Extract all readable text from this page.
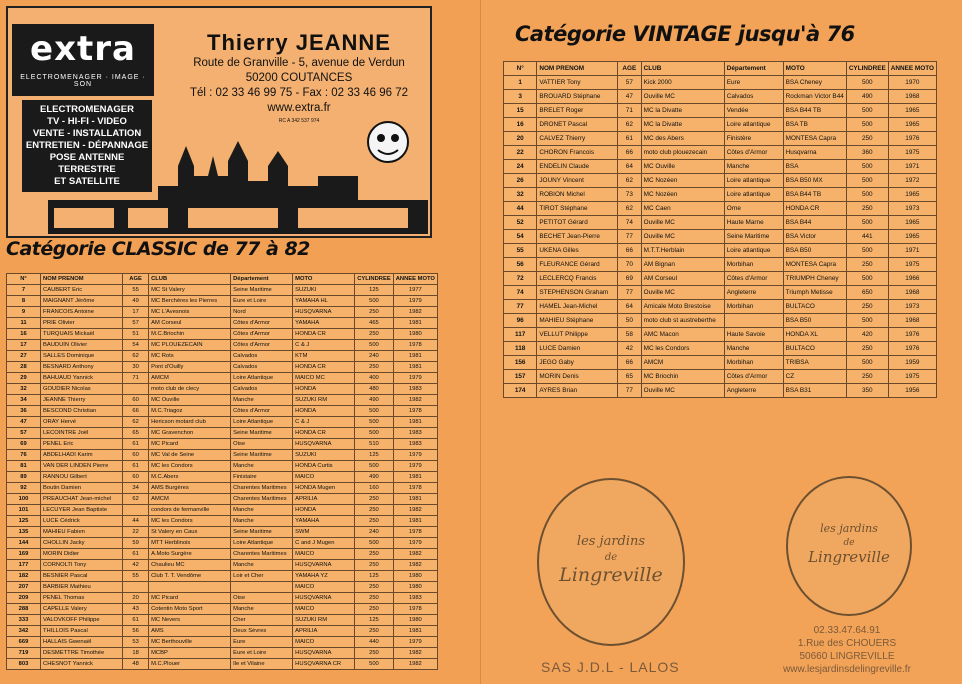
extra
ELECTROMENAGER · IMAGE · SON
ELECTROMENAGER
TV - HI-FI - VIDEO
VENTE - INSTALLATION
ENTRETIEN - DÉPANNAGE
POSE ANTENNE TERRESTRE
ET SATELLITE
Thierry JEANNE
Route de Granville - 5, avenue de Verdun
50200 COUTANCES
Tél : 02 33 46 99 75 - Fax : 02 33 46 96 72
www.extra.fr
RC A 342 537 974
Catégorie CLASSIC de 77 à 82
N°	NOM PRENOM	AGE	CLUB	Département	MOTO	CYLINDREE	ANNEE MOTO
7	CAUBERT Eric	55	MC St Valery	Seine Maritime	SUZUKI	125	1977
8	MAIGNANT Jérôme	49	MC Berchères les Pierres	Eure et Loire	YAMAHA HL	500	1979
9	FRANCOIS Antoine	17	MC L'Avesnois	Nord	HUSQVARNA	250	1982
11	PRIE Olivier	57	AM Corseul	Côtes d'Armor	YAMAHA	465	1981
16	TURQUAIS Mickaël	51	M.C.Briochin	Côtes d'Armor	HONDA CR	250	1980
17	BAUDUIN Olivier	54	MC PLOUEZECAIN	Côtes d'Armor	C & J	500	1978
27	SALLES Dominique	62	MC Rots	Calvados	KTM	240	1981
28	BESNARD Anthony	30	Pont d'Ouilly	Calvados	HONDA CR	250	1981
29	BAHUAUD Yannick	71	AMCM	Loire Atlantique	MAICO MC	400	1979
32	GOUDIER Nicolas		moto club de clecy	Calvados	HONDA	480	1983
34	JEANNE Thierry	60	MC Ouville	Manche	SUZUKI RM	490	1982
36	BESCOND Christian	66	M.C.Triagoz	Côtes d'Armor	HONDA	500	1978
47	ORAY Hervé	62	Hericson motard club	Loire Atlantique	C & J	500	1981
57	LECOINTRE Joël	65	MC Gravenchon	Seine Maritime	HONDA CR	500	1983
69	PENEL Eric	61	MC Picard	Oise	HUSQVARNA	510	1983
76	ABDELHADI Karim	60	MC Val de Seine	Seine Maritime	SUZUKI	125	1979
81	VAN DER LINDEN Pierre	61	MC les Condors	Manche	HONDA Curtis	500	1979
89	RANNOU Gilbert	60	M.C.Abers	Finistaire	MAICO	490	1981
92	Boutin Damien	34	AMS Burgères	Charentes Maritimes	HONDA Mugen	160	1978
100	PREAUCHAT Jean-michel	62	AMCM	Charentes Maritimes	APRILIA	250	1981
101	LECUYER Jean Baptiste		condors de fermanville	Manche	HONDA	250	1982
125	LUCE Cédrick	44	MC les Condors	Manche	YAMAHA	250	1981
135	MAHIEU Fabien	22	St Valery en Caux	Seine Maritime	SWM	240	1978
144	CHOLLIN Jacky	59	MTT Herblinois	Loire Atlantique	C and J Mugen	500	1979
169	MORIN Didier	61	A.Moto Surgère	Charentes Maritimes	MAICO	250	1982
177	CORNOLTI Tony	42	Chaulieu MC	Manche	HUSQVARNA	250	1982
182	BESNIER Pascal	55	Club T. T. Vendôme	Loir et Cher	YAMAHA YZ	125	1980
207	BARBIER Mathieu				MAICO	250	1980
209	PENEL Thomas	20	MC Picard	Oise	HUSQVARNA	250	1983
288	CAPELLE Valery	43	Cotentin Moto Sport	Manche	MAICO	250	1978
333	VALOVKOFF Philippe	61	MC Nevers	Cher	SUZUKI RM	125	1980
342	THILLOIS Pascal	56	AMS	Deux Sèvres	APRILIA	250	1981
669	HALLAIS Gwenaël	53	MC Berthouville	Eure	MAICO	440	1979
719	DESMETTRE Timothée	18	MCBP	Eure et Loire	HUSQVARNA	250	1982
803	CHESNOT Yannick	48	M.C.Plouer	Ile et Vilaine	HUSQVARNA CR	500	1982
Catégorie VINTAGE jusqu'à 76
N°	NOM PRENOM	AGE	CLUB	Département	MOTO	CYLINDREE	ANNEE MOTO
1	VATTIER Tony	57	Kick 2000	Eure	BSA Cheney	500	1970
3	BROUARD Stéphane	47	Ouville MC	Calvados	Rockman Victor B44	490	1968
15	BRELET Roger	71	MC la Divatte	Vendée	BSA B44 TB	500	1965
16	DRONET Pascal	62	MC la Divatte	Loire atlantique	BSA TB	500	1965
20	CALVEZ Thierry	61	MC des Abers	Finistère	MONTESA Capra	250	1976
22	CHORON Francois	66	moto club plouezecain	Côtes d'Armor	Husqvarna	360	1975
24	ENDELIN Claude	64	MC Ouville	Manche	BSA	500	1971
26	JOUNY Vincent	62	MC Nozéen	Loire atlantique	BSA B50 MX	500	1972
32	ROBION Michel	73	MC Nozéen	Loire atlantique	BSA B44 TB	500	1965
44	TIROT Stéphane	62	MC Caen	Orne	HONDA CR	250	1973
52	PETITOT Gérard	74	Ouville MC	Haute Marne	BSA B44	500	1965
54	BECHET Jean-Pierre	77	Ouville MC	Seine Maritime	BSA Victor	441	1965
55	UKENA Gilles	66	M.T.T.Herblain	Loire atlantique	BSA B50	500	1971
56	FLEURANCE Gérard	70	AM Bignan	Morbihan	MONTESA Capra	250	1975
72	LECLERCQ Francis	69	AM Corseul	Côtes d'Armor	TRIUMPH Cheney	500	1966
74	STEPHENSON Graham	77	Ouville MC	Angleterre	Triumph Metisse	650	1968
77	HAMEL Jean-Michel	64	Amicale Moto Brestoise	Morbihan	BULTACO	250	1973
96	MAHIEU Stéphane	50	moto club st austreberthe		BSA B50	500	1968
117	VELLUT Philippe	58	AMC Macon	Haute Savoie	HONDA XL	420	1976
118	LUCE Damien	42	MC les Condors	Manche	BULTACO	250	1976
156	JEGO Gaby	66	AMCM	Morbihan	TRIBSA	500	1959
157	MORIN Denis	65	MC Briochin	Côtes d'Armor	CZ	250	1975
174	AYRES Brian	77	Ouville MC	Angleterre	BSA B31	350	1956
les jardins
de
Lingreville
les jardins
de
Lingreville
SAS J.D.L - LALOS
02.33.47.64.91
1.Rue des CHOUERS
50660 LINGREVILLE
www.lesjardinsdelingreville.fr
